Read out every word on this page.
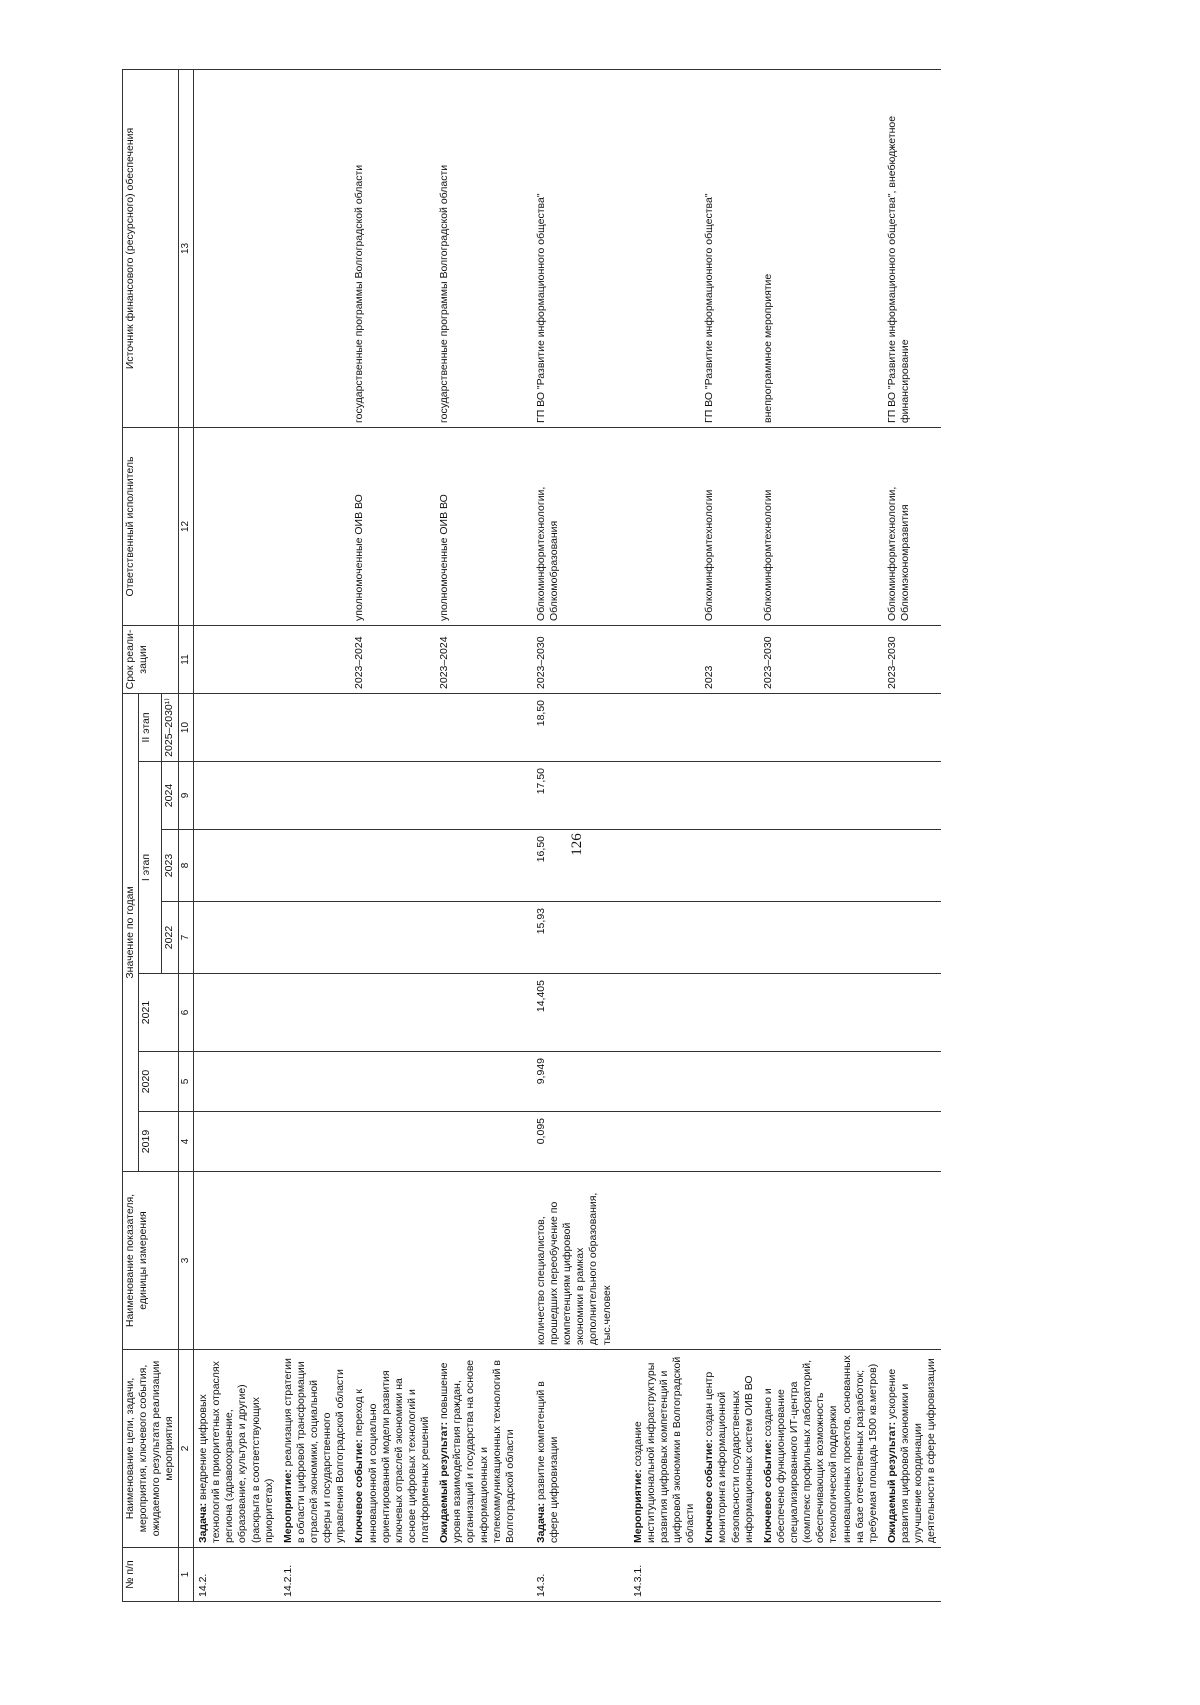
126
№ п/п	Наименование цели, задачи, мероприятия, ключевого события, ожидаемого результата реализации мероприятия	Наименование показателя, единицы измерения	Значение по годам							Срок реали-зации	Ответственный исполнитель	Источник финансового (ресурсного) обеспечения
			2019	2020	2021	I этап			II этап			
						2022	2023	2024	2025–2030¹⁾			
1	2	3	4	5	6	7	8	9	10	11	12	13
14.2.	Задача: внедрение цифровых технологий в приоритетных отраслях региона (здравоохранение, образование, культура и другие) (раскрыта в соответствующих приоритетах)											
14.2.1.	Мероприятие: реализация стратегии в области цифровой трансформации отраслей экономики, социальной сферы и государственного управления Волгоградской области											
	Ключевое событие: переход к инновационной и социально ориентированной модели развития ключевых отраслей экономики на основе цифровых технологий и платформенных решений									2023–2024	уполномоченные ОИВ ВО	государственные программы Волгоградской области
	Ожидаемый результат: повышение уровня взаимодействия граждан, организаций и государства на основе информационных и телекоммуникационных технологий в Волгоградской области									2023–2024	уполномоченные ОИВ ВО	государственные программы Волгоградской области

14.3.	Задача: развитие компетенций в сфере цифровизации	количество специалистов, прошедших переобучение по компетенциям цифровой экономики в рамках дополнительного образования, тыс.человек	0,095	9,949	14,405	15,93	16,50	17,50	18,50	2023–2030	Облкоминформтехнологии, Облкомобразования	ГП ВО "Развитие информационного общества"

14.3.1.	Мероприятие: создание институциональной инфраструктуры развития цифровых компетенций и цифровой экономики в Волгоградской области											
	Ключевое событие: создан центр мониторинга информационной безопасности государственных информационных систем ОИВ ВО									2023	Облкоминформтехнологии	ГП ВО "Развитие информационного общества"
	Ключевое событие: создано и обеспечено функционирование специализированного ИТ-центра (комплекс профильных лабораторий, обеспечивающих возможность технологической поддержки инновационных проектов, основанных на базе отечественных разработок; требуемая площадь 1500 кв.метров)									2023–2030	Облкоминформтехнологии	внепрограммное мероприятие
	Ожидаемый результат: ускорение развития цифровой экономики и улучшение координации деятельности в сфере цифровизации									2023–2030	Облкоминформтехнологии, Облкомэкономразвития	ГП ВО "Развитие информационного общества", внебюджетное финансирование
